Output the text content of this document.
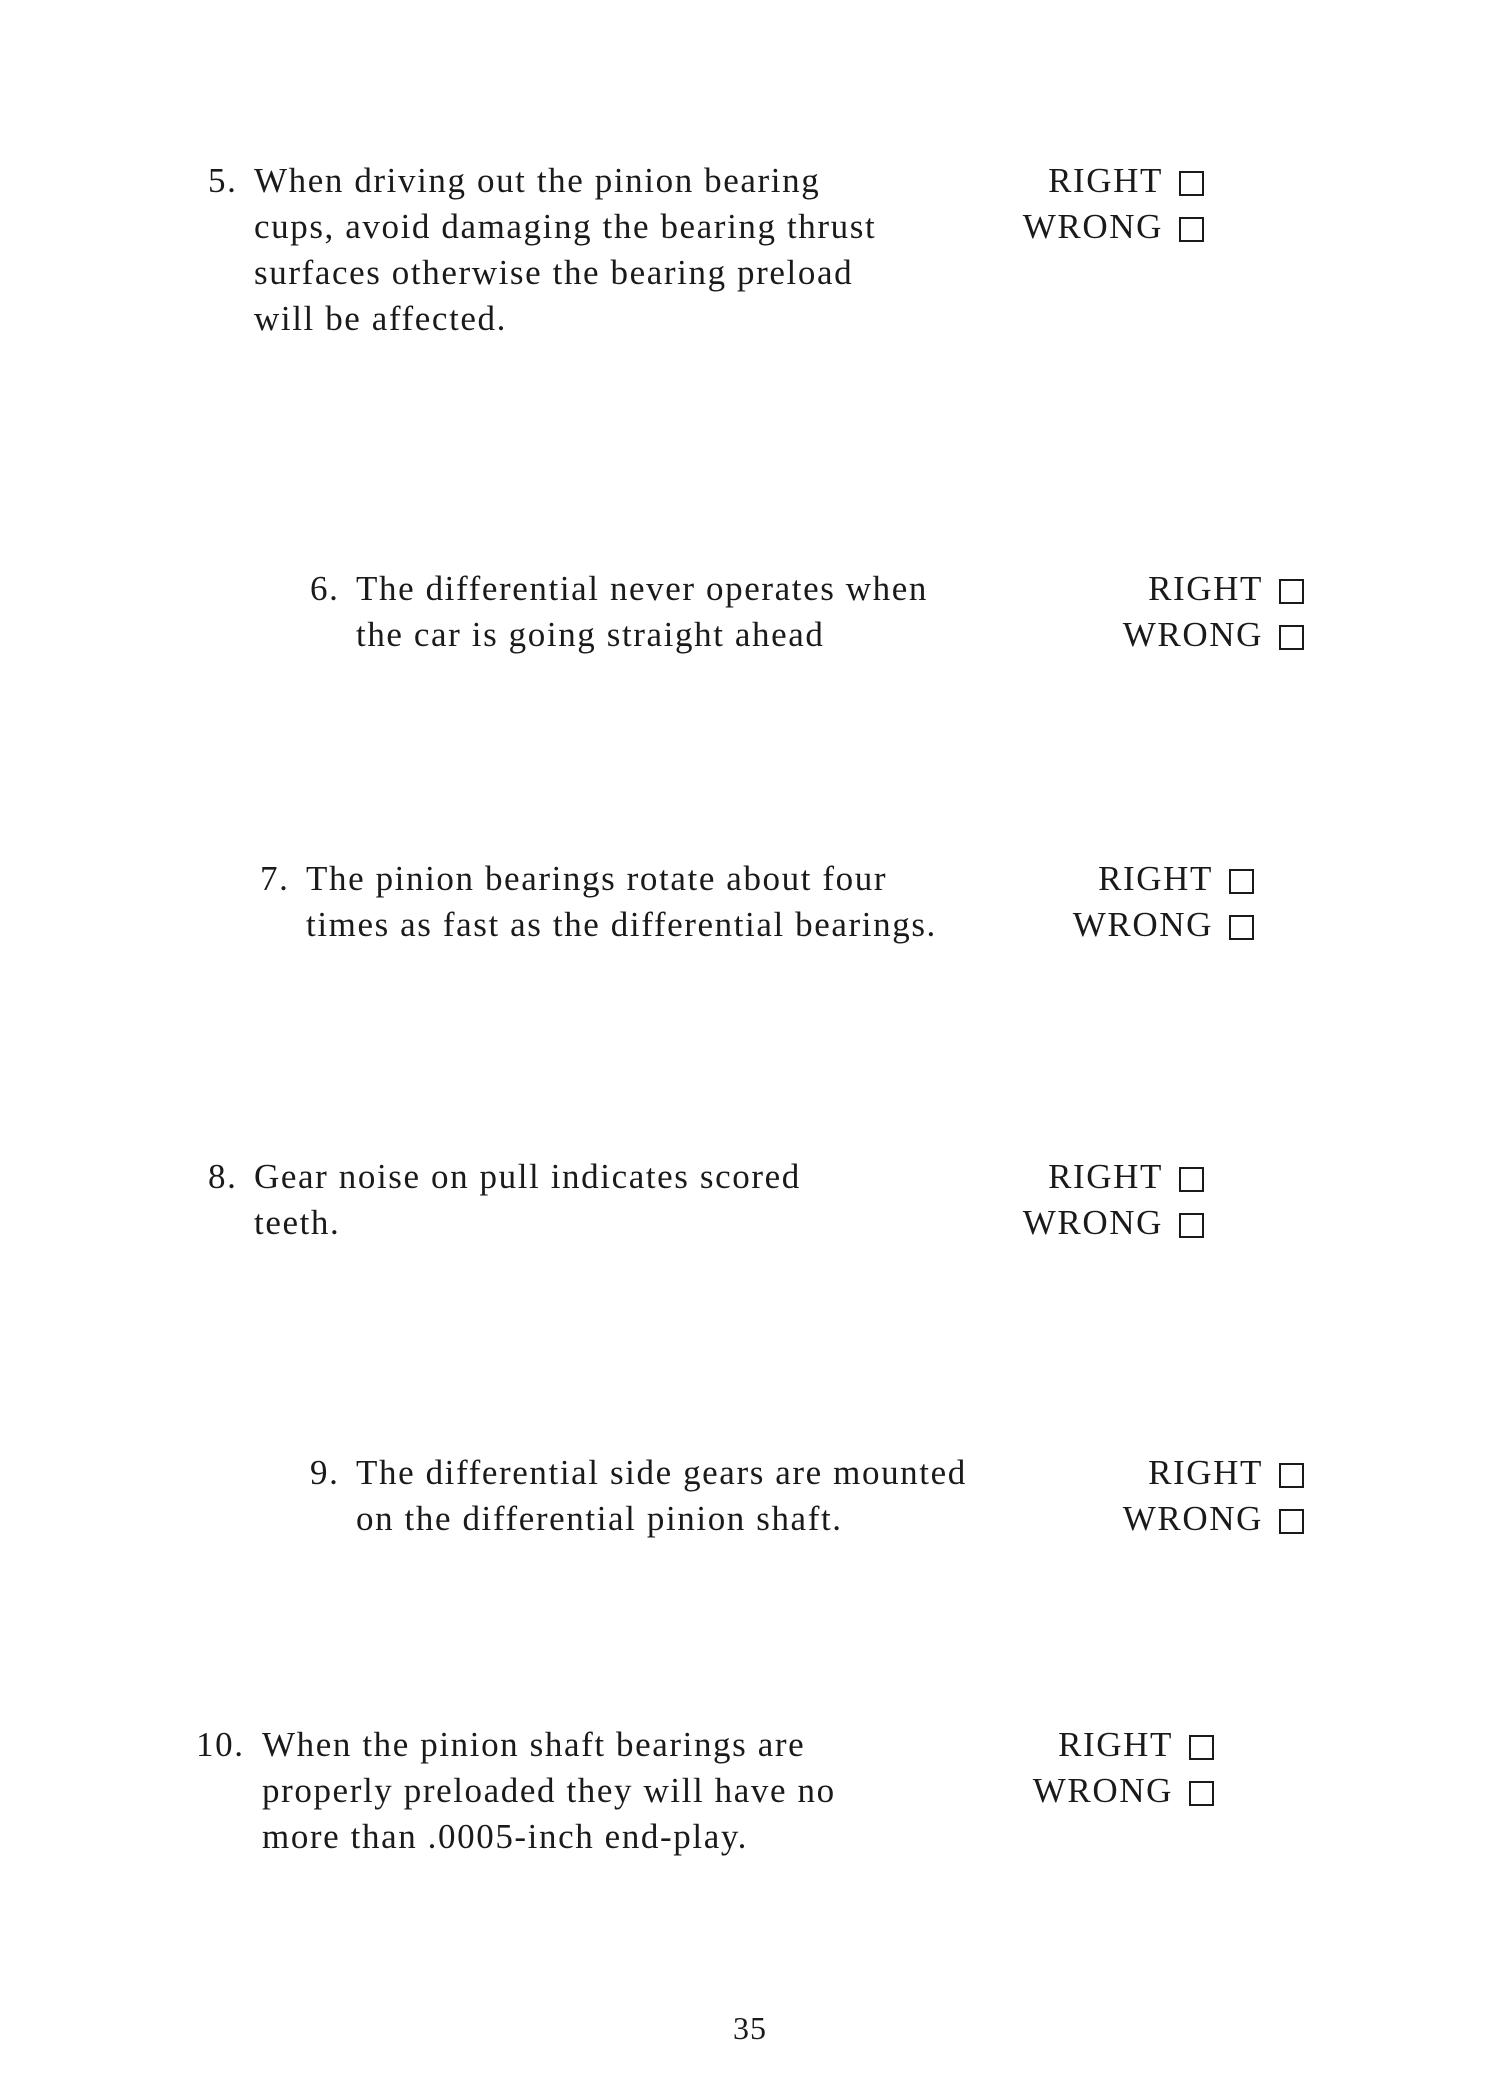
5. When driving out the pinion bearing
cups, avoid damaging the bearing thrust
surfaces otherwise the bearing preload
will be affected.
RIGHT
WRONG
6. The differential never operates when
the car is going straight ahead
RIGHT
WRONG
7. The pinion bearings rotate about four
times as fast as the differential bearings.
RIGHT
WRONG
8. Gear noise on pull indicates scored
teeth.
RIGHT
WRONG
9. The differential side gears are mounted
on the differential pinion shaft.
RIGHT
WRONG
10. When the pinion shaft bearings are
properly preloaded they will have no
more than .0005-inch end-play.
RIGHT
WRONG
35
